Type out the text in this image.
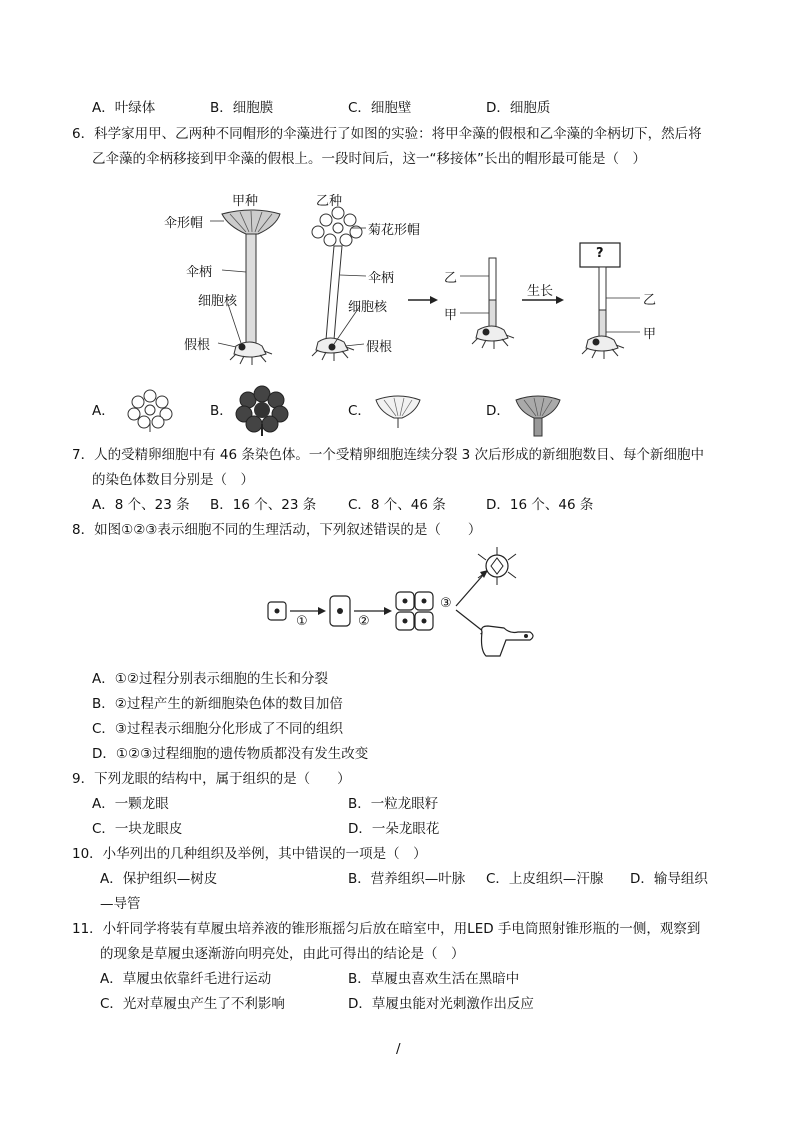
A．叶绿体	B．细胞膜	C．细胞壁	D．细胞质
6．科学家用甲、乙两种不同帽形的伞藻进行了如图的实验：将甲伞藻的假根和乙伞藻的伞柄切下，然后将
乙伞藻的伞柄移接到甲伞藻的假根上。一段时间后，这一“移接体”长出的帽形最可能是（　）
甲种	乙种
伞形帽
伞柄
细胞核
假根
菊花形帽
伞柄
细胞核
假根
乙
甲
生长
乙
甲
?
A．	B．	C．	D．
7．人的受精卵细胞中有 46 条染色体。一个受精卵细胞连续分裂 3 次后形成的新细胞数目、每个新细胞中
的染色体数目分别是（　）
A．8 个、23 条 B．16 个、23 条 C．8 个、46 条	D．16 个、46 条
8．如图①②③表示细胞不同的生理活动，下列叙述错误的是（　　）
①	②
③
A．①②过程分别表示细胞的生长和分裂
B．②过程产生的新细胞染色体的数目加倍
C．③过程表示细胞分化形成了不同的组织
D．①②③过程细胞的遗传物质都没有发生改变
9．下列龙眼的结构中，属于组织的是（　　）
A．一颗龙眼	B．一粒龙眼籽
C．一块龙眼皮	D．一朵龙眼花
10．小华列出的几种组织及举例，其中错误的一项是（　）
A．保护组织—树皮	B．营养组织—叶脉 C．上皮组织—汗腺 D．输导组织
—导管
11．小轩同学将装有草履虫培养液的锥形瓶摇匀后放在暗室中，用LED 手电筒照射锥形瓶的一侧，观察到
的现象是草履虫逐渐游向明亮处，由此可得出的结论是（　）
A．草履虫依靠纤毛进行运动	B．草履虫喜欢生活在黑暗中
C．光对草履虫产生了不利影响	D．草履虫能对光刺激作出反应
/
